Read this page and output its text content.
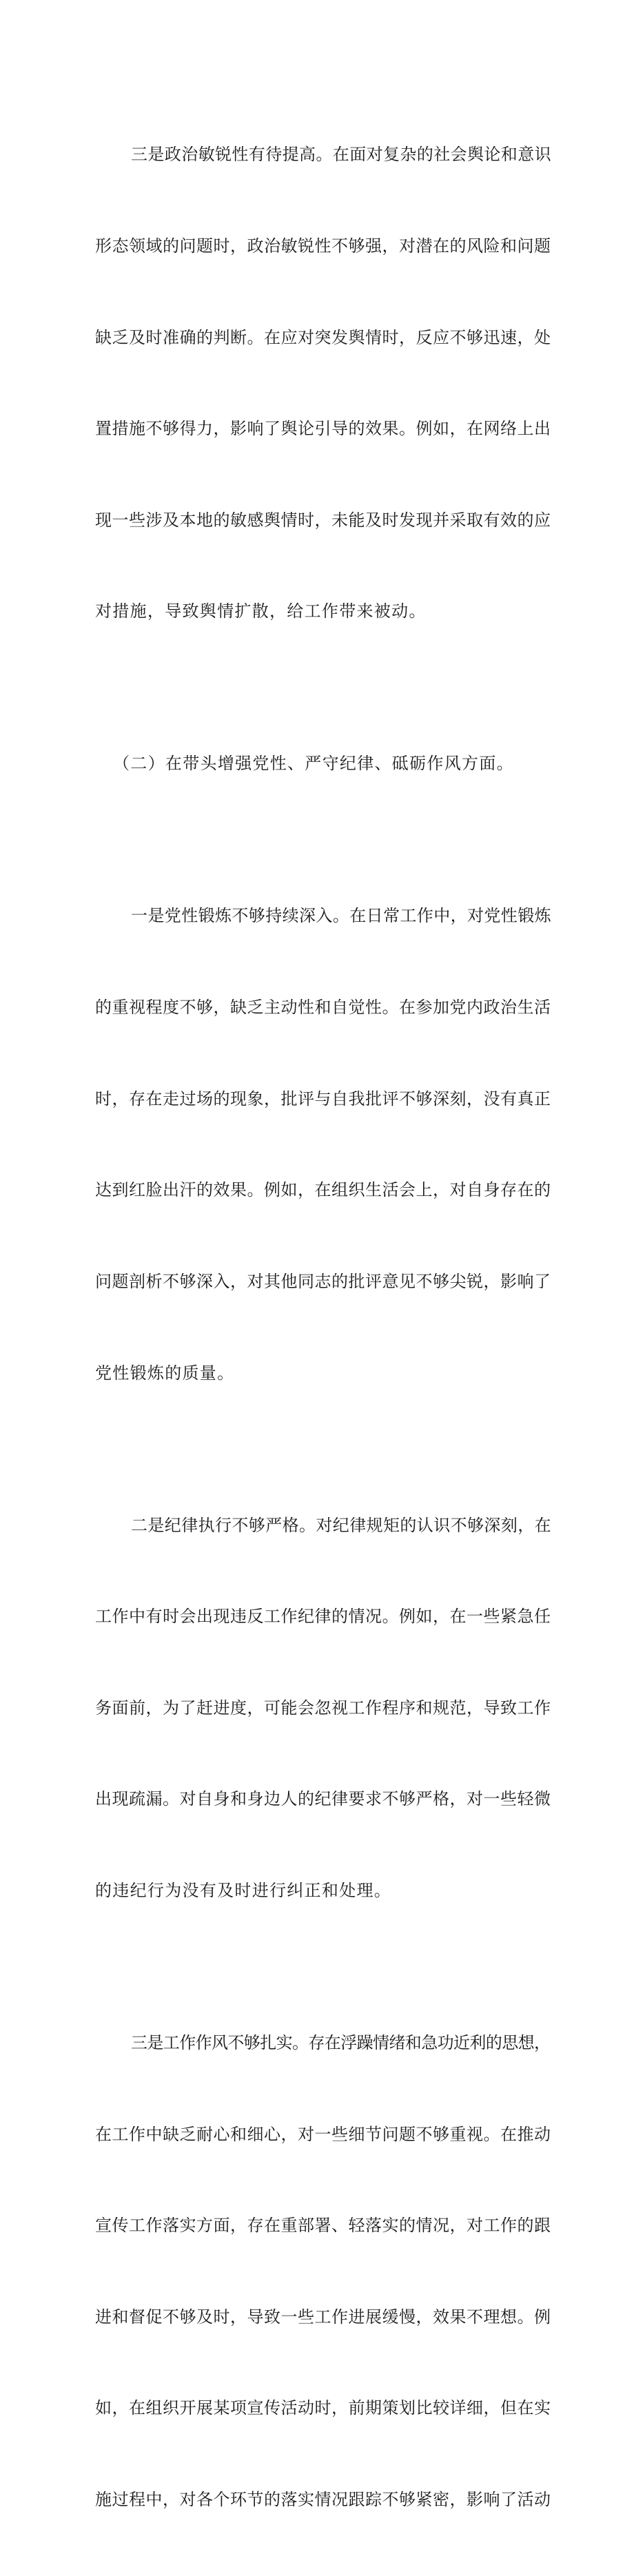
三是政治敏锐性有待提高。在面对复杂的社会舆论和意识

形态领域的问题时，政治敏锐性不够强，对潜在的风险和问题

缺乏及时准确的判断。在应对突发舆情时，反应不够迅速，处

置措施不够得力，影响了舆论引导的效果。例如，在网络上出

现一些涉及本地的敏感舆情时，未能及时发现并采取有效的应

对措施，导致舆情扩散，给工作带来被动。

（二）在带头增强党性、严守纪律、砥砺作风方面。

一是党性锻炼不够持续深入。在日常工作中，对党性锻炼

的重视程度不够，缺乏主动性和自觉性。在参加党内政治生活

时，存在走过场的现象，批评与自我批评不够深刻，没有真正

达到红脸出汗的效果。例如，在组织生活会上，对自身存在的

问题剖析不够深入，对其他同志的批评意见不够尖锐，影响了

党性锻炼的质量。

二是纪律执行不够严格。对纪律规矩的认识不够深刻，在

工作中有时会出现违反工作纪律的情况。例如，在一些紧急任

务面前，为了赶进度，可能会忽视工作程序和规范，导致工作

出现疏漏。对自身和身边人的纪律要求不够严格，对一些轻微

的违纪行为没有及时进行纠正和处理。

三是工作作风不够扎实。存在浮躁情绪和急功近利的思想，

在工作中缺乏耐心和细心，对一些细节问题不够重视。在推动

宣传工作落实方面，存在重部署、轻落实的情况，对工作的跟

进和督促不够及时，导致一些工作进展缓慢，效果不理想。例

如，在组织开展某项宣传活动时，前期策划比较详细，但在实

施过程中，对各个环节的落实情况跟踪不够紧密，影响了活动
